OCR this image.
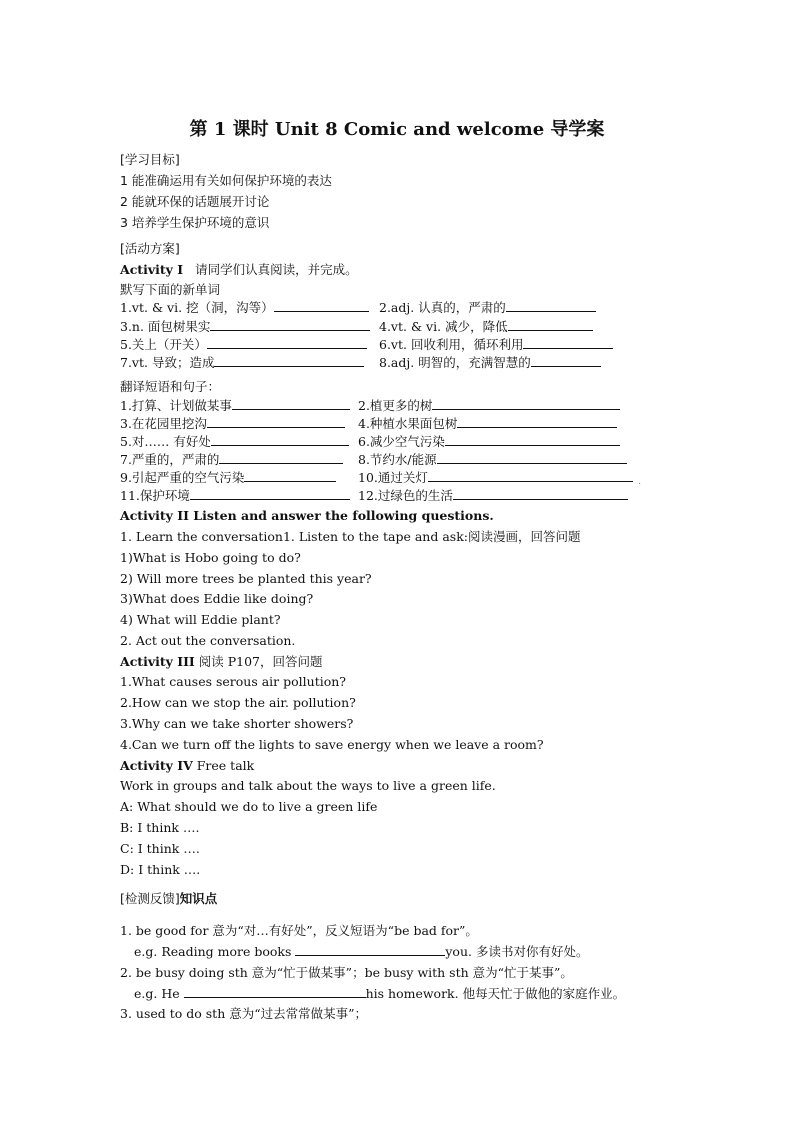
第 1 课时 Unit 8 Comic and welcome 导学案
[学习目标]
1 能准确运用有关如何保护环境的表达
2 能就环保的话题展开讨论
3 培养学生保护环境的意识
[活动方案]
Activity I 请同学们认真阅读，并完成。
默写下面的新单词
1.vt. & vi. 挖（洞，沟等）	2.adj. 认真的，严肃的
3.n. 面包树果实	4.vt. & vi. 减少，降低
5.关上（开关）	6.vt. 回收利用，循环利用
7.vt. 导致；造成	8.adj. 明智的，充满智慧的
翻译短语和句子：
1.打算、计划做某事	2.植更多的树
3.在花园里挖沟	4.种植水果面包树
5.对…… 有好处	6.减少空气污染
7.严重的，严肃的	8.节约水/能源
9.引起严重的空气污染	10.通过关灯
11.保护环境	12.过绿色的生活
.
Activity II Listen and answer the following questions.
1. Learn the conversation1. Listen to the tape and ask:阅读漫画，回答问题
1)What is Hobo going to do?
2) Will more trees be planted this year?
3)What does Eddie like doing?
4) What will Eddie plant?
2. Act out the conversation.
Activity III 阅读 P107，回答问题
1.What causes serous air pollution?
2.How can we stop the air. pollution?
3.Why can we take shorter showers?
4.Can we turn off the lights to save energy when we leave a room?
Activity IV Free talk
Work in groups and talk about the ways to live a green life.
A: What should we do to live a green life
B: I think ….
C: I think ….
D: I think ….
[检测反馈]知识点
1. be good for 意为“对…有好处”，反义短语为“be bad for”。
e.g. Reading more books	you. 多读书对你有好处。
2. be busy doing sth 意为“忙于做某事”；be busy with sth 意为“忙于某事”。
e.g. He	his homework. 他每天忙于做他的家庭作业。
3. used to do sth 意为“过去常常做某事”；
